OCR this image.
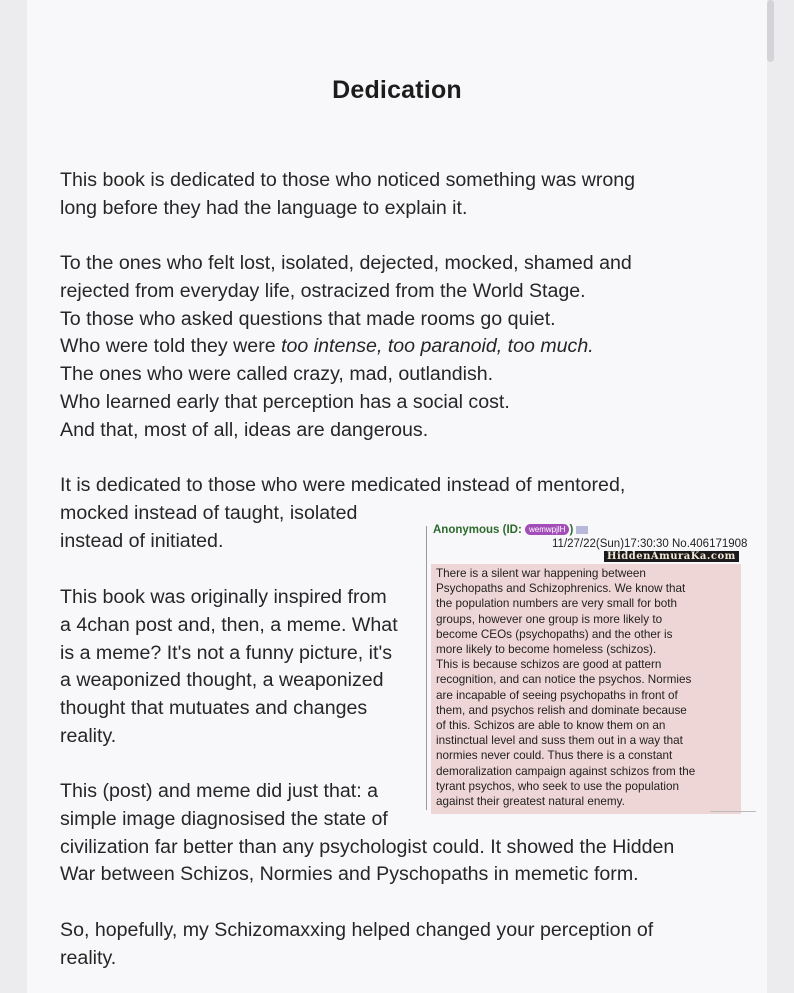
Dedication
This book is dedicated to those who noticed something was wrong
long before they had the language to explain it.
To the ones who felt lost, isolated, dejected, mocked, shamed and
rejected from everyday life, ostracized from the World Stage.
To those who asked questions that made rooms go quiet.
Who were told they were too intense, too paranoid, too much.
The ones who were called crazy, mad, outlandish.
Who learned early that perception has a social cost.
And that, most of all, ideas are dangerous.
It is dedicated to those who were medicated instead of mentored,
mocked instead of taught, isolated
instead of initiated.
This book was originally inspired from
a 4chan post and, then, a meme. What
is a meme? It's not a funny picture, it's
a weaponized thought, a weaponized
thought that mutuates and changes
reality.
This (post) and meme did just that: a
simple image diagnosised the state of
civilization far better than any psychologist could. It showed the Hidden
War between Schizos, Normies and Pyschopaths in memetic form.
So, hopefully, my Schizomaxxing helped changed your perception of
reality.
Anonymous (ID: wemwpjlH )
11/27/22(Sun)17:30:30 No.406171908
HiddenAmuraKa.com
There is a silent war happening between
Psychopaths and Schizophrenics. We know that
the population numbers are very small for both
groups, however one group is more likely to
become CEOs (psychopaths) and the other is
more likely to become homeless (schizos).
This is because schizos are good at pattern
recognition, and can notice the psychos. Normies
are incapable of seeing psychopaths in front of
them, and psychos relish and dominate because
of this. Schizos are able to know them on an
instinctual level and suss them out in a way that
normies never could. Thus there is a constant
demoralization campaign against schizos from the
tyrant psychos, who seek to use the population
against their greatest natural enemy.
